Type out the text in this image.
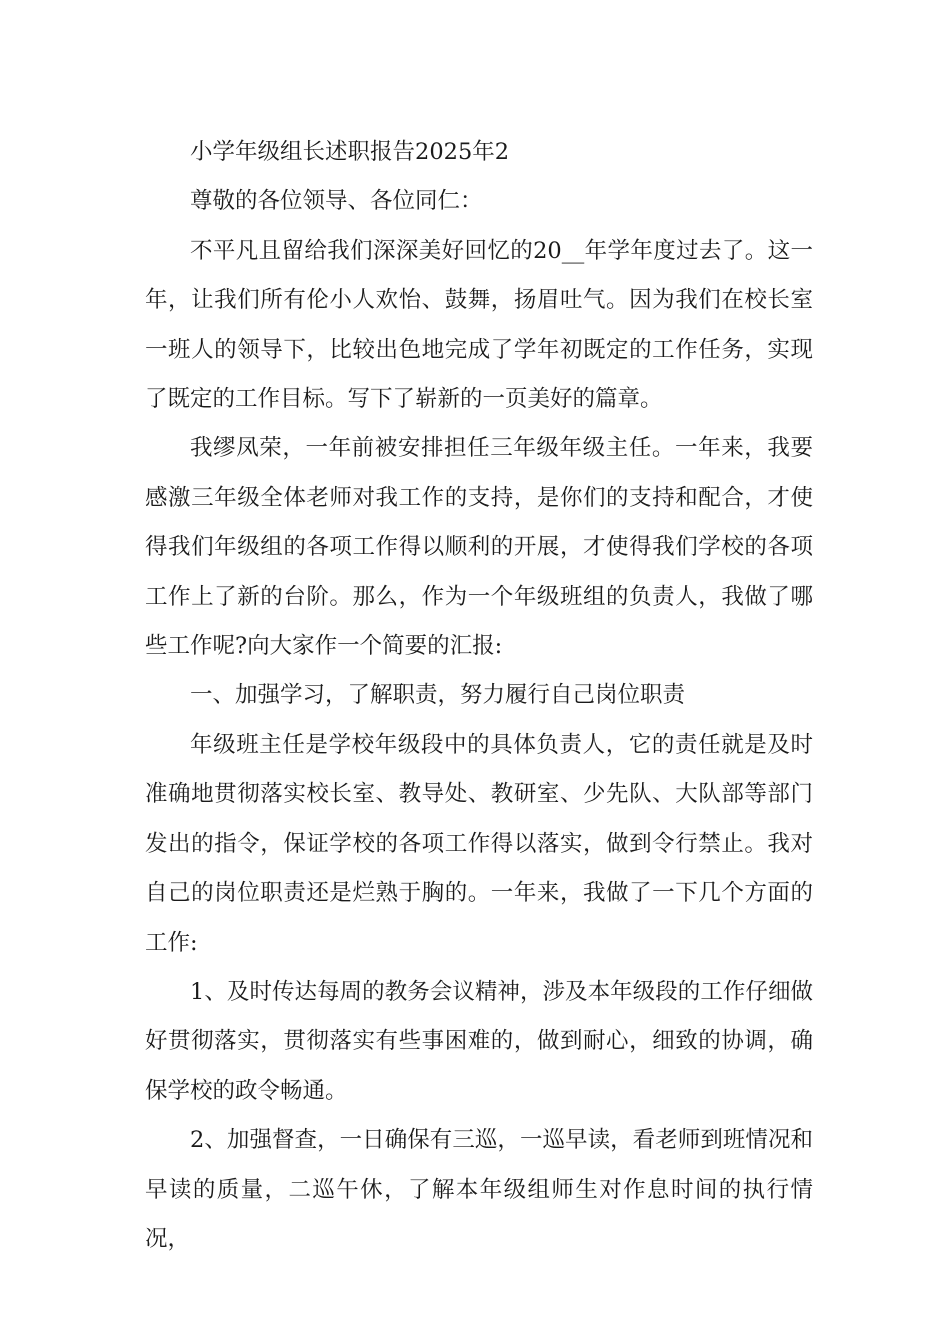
小学年级组长述职报告2025年2

尊敬的各位领导、各位同仁：

不平凡且留给我们深深美好回忆的20__年学年度过去了。这一年，让我们所有伦小人欢怡、鼓舞，扬眉吐气。因为我们在校长室一班人的领导下，比较出色地完成了学年初既定的工作任务，实现了既定的工作目标。写下了崭新的一页美好的篇章。

我缪凤荣，一年前被安排担任三年级年级主任。一年来，我要感激三年级全体老师对我工作的支持，是你们的支持和配合，才使得我们年级组的各项工作得以顺利的开展，才使得我们学校的各项工作上了新的台阶。那么，作为一个年级班组的负责人，我做了哪些工作呢?向大家作一个简要的汇报:

一、加强学习，了解职责，努力履行自己岗位职责

年级班主任是学校年级段中的具体负责人，它的责任就是及时准确地贯彻落实校长室、教导处、教研室、少先队、大队部等部门发出的指令，保证学校的各项工作得以落实，做到令行禁止。我对自己的岗位职责还是烂熟于胸的。一年来，我做了一下几个方面的工作:

1、及时传达每周的教务会议精神，涉及本年级段的工作仔细做好贯彻落实，贯彻落实有些事困难的，做到耐心，细致的协调，确保学校的政令畅通。

2、加强督查，一日确保有三巡，一巡早读，看老师到班情况和早读的质量，二巡午休，了解本年级组师生对作息时间的执行情况，
